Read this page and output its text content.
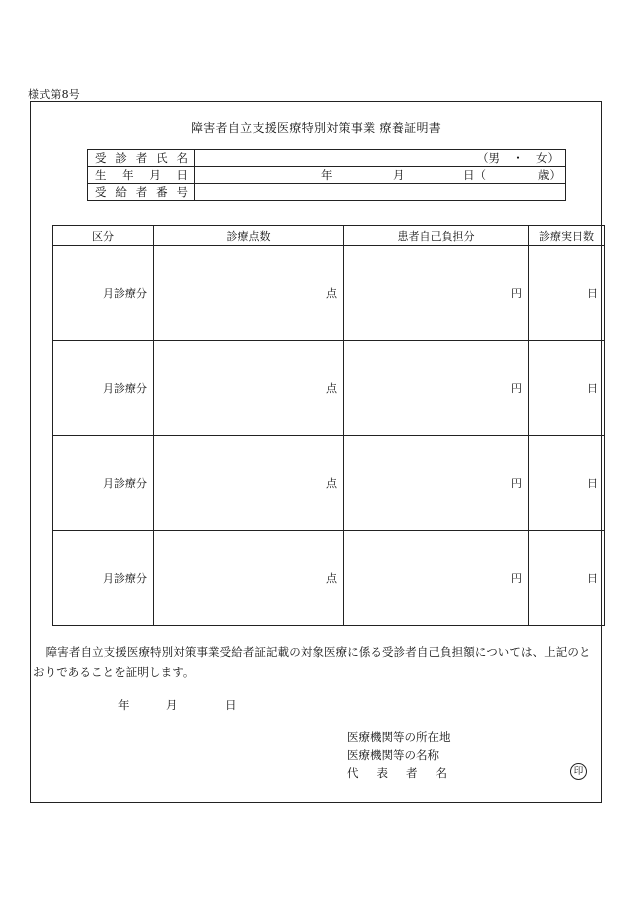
様式第8号
障害者自立支援医療特別対策事業 療養証明書
受 診 者 氏 名	（男 ・ 女）

生 年 月 日	年 月 日（ 歳）

受 給 者 番 号	

区分	診療点数	患者自己負担分	診療実日数
月診療分	点	円	日
月診療分	点	円	日
月診療分	点	円	日
月診療分	点	円	日
障害者自立支援医療特別対策事業受給者証記載の対象医療に係る受診者自己負担額については、上記のとおりであることを証明します。
年	月	日
医療機関等の所在地
医療機関等の名称
代 表 者 名	印
